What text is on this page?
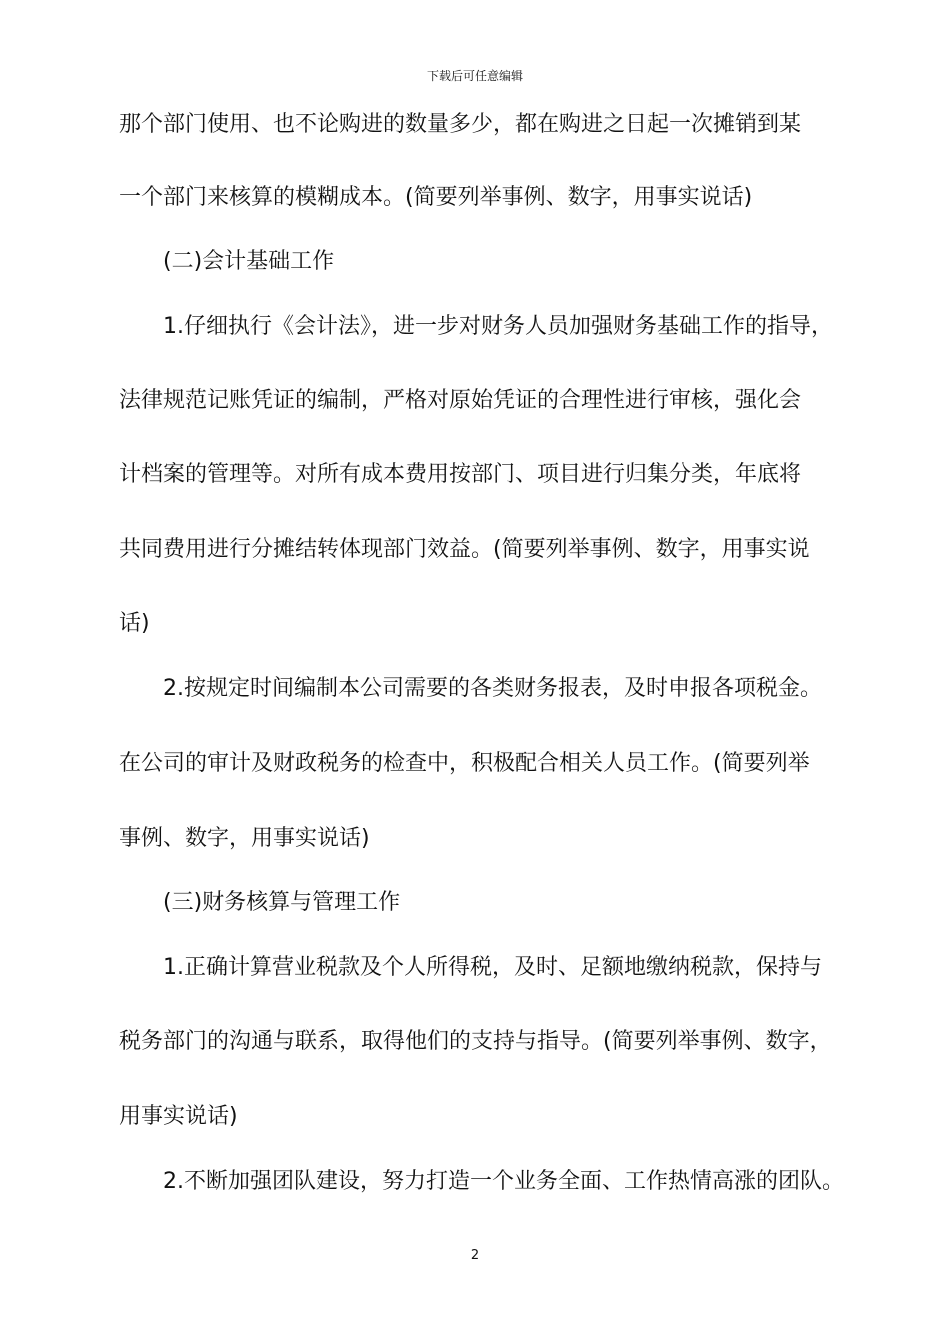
下载后可任意编辑
那个部门使用、也不论购进的数量多少，都在购进之日起一次摊销到某
一个部门来核算的模糊成本。(简要列举事例、数字，用事实说话)
(二)会计基础工作
1.仔细执行《会计法》，进一步对财务人员加强财务基础工作的指导，
法律规范记账凭证的编制，严格对原始凭证的合理性进行审核，强化会
计档案的管理等。对所有成本费用按部门、项目进行归集分类，年底将
共同费用进行分摊结转体现部门效益。(简要列举事例、数字，用事实说
话)
2.按规定时间编制本公司需要的各类财务报表，及时申报各项税金。
在公司的审计及财政税务的检查中，积极配合相关人员工作。(简要列举
事例、数字，用事实说话)
(三)财务核算与管理工作
1.正确计算营业税款及个人所得税，及时、足额地缴纳税款，保持与
税务部门的沟通与联系，取得他们的支持与指导。(简要列举事例、数字，
用事实说话)
2.不断加强团队建设，努力打造一个业务全面、工作热情高涨的团队。
2
